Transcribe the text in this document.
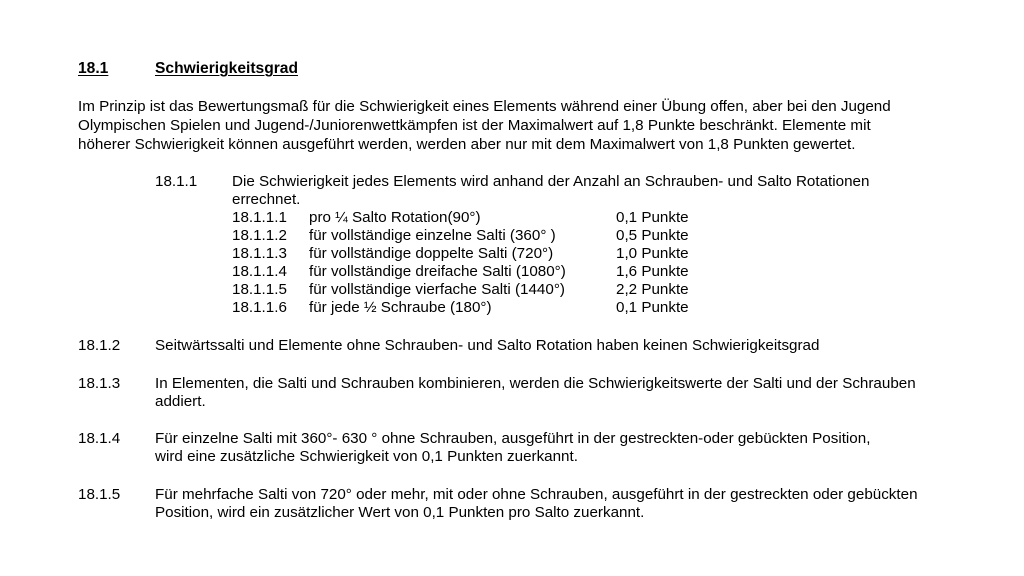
18.1	Schwierigkeitsgrad

Im Prinzip ist das Bewertungsmaß für die Schwierigkeit eines Elements während einer Übung offen, aber bei den Jugend

Olympischen Spielen und Jugend-/Juniorenwettkämpfen ist der Maximalwert auf 1,8 Punkte beschränkt. Elemente mit

höherer Schwierigkeit können ausgeführt werden, werden aber nur mit dem Maximalwert von 1,8 Punkten gewertet.

18.1.1 Die Schwierigkeit jedes Elements wird anhand der Anzahl an Schrauben- und Salto Rotationen
errechnet.
18.1.1.1 pro ¼ Salto Rotation(90°)	0,1 Punkte
18.1.1.2 für vollständige einzelne Salti (360° )	0,5 Punkte
18.1.1.3 für vollständige doppelte Salti (720°)	1,0 Punkte
18.1.1.4 für vollständige dreifache Salti (1080°)	1,6 Punkte
18.1.1.5 für vollständige vierfache Salti (1440°)	2,2 Punkte
18.1.1.6 für jede ½ Schraube (180°)	0,1 Punkte
18.1.2 Seitwärtssalti und Elemente ohne Schrauben- und Salto Rotation haben keinen Schwierigkeitsgrad
18.1.3 In Elementen, die Salti und Schrauben kombinieren, werden die Schwierigkeitswerte der Salti und der Schrauben
addiert.
18.1.4 Für einzelne Salti mit 360°- 630 ° ohne Schrauben, ausgeführt in der gestreckten-oder gebückten Position,
wird eine zusätzliche Schwierigkeit von 0,1 Punkten zuerkannt.
18.1.5 Für mehrfache Salti von 720° oder mehr, mit oder ohne Schrauben, ausgeführt in der gestreckten oder gebückten
Position, wird ein zusätzlicher Wert von 0,1 Punkten pro Salto zuerkannt.
